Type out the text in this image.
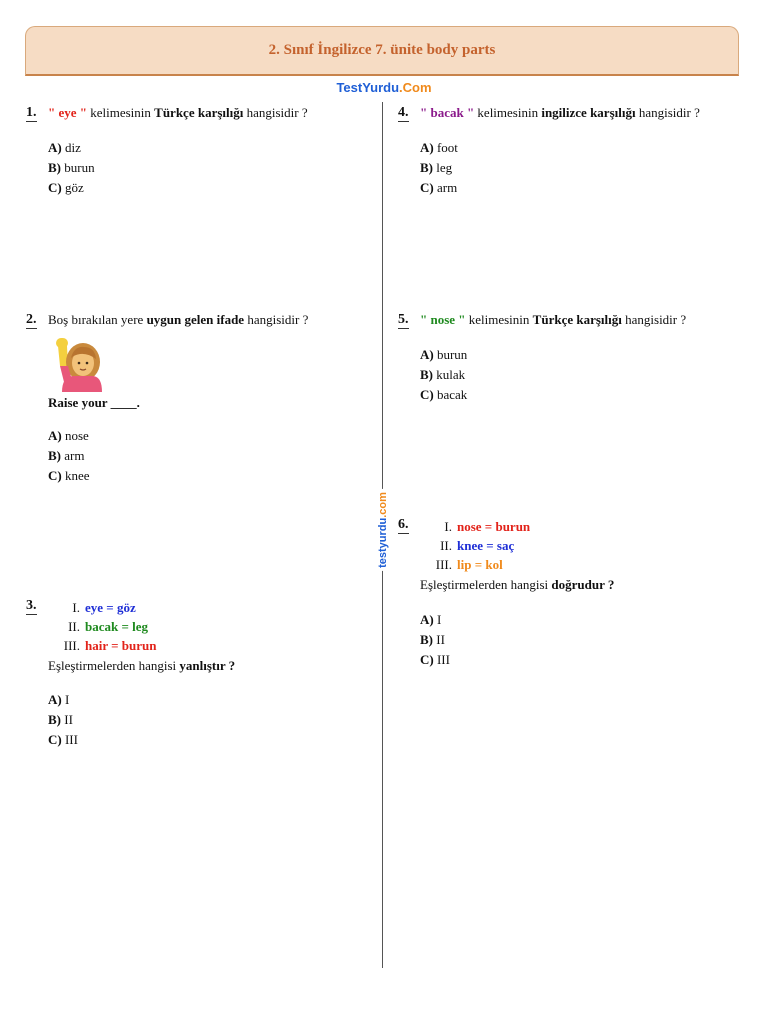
2. Sınıf İngilizce 7. ünite body parts
TestYurdu.Com
testyurdu.com
1. " eye " kelimesinin Türkçe karşılığı hangisidir ?
A) diz
B) burun
C) göz
2. Boş bırakılan yere uygun gelen ifade hangisidir ?
Raise your ____.
A) nose
B) arm
C) knee
3.	I. eye = göz
II. bacak = leg
III. hair = burun
Eşleştirmelerden hangisi yanlıştır ?
A) I
B) II
C) III
4. " bacak " kelimesinin ingilizce karşılığı hangisidir ?
A) foot
B) leg
C) arm
5. " nose " kelimesinin Türkçe karşılığı hangisidir ?
A) burun
B) kulak
C) bacak
6.	I. nose = burun
II. knee = saç
III. lip = kol
Eşleştirmelerden hangisi doğrudur ?
A) I
B) II
C) III
